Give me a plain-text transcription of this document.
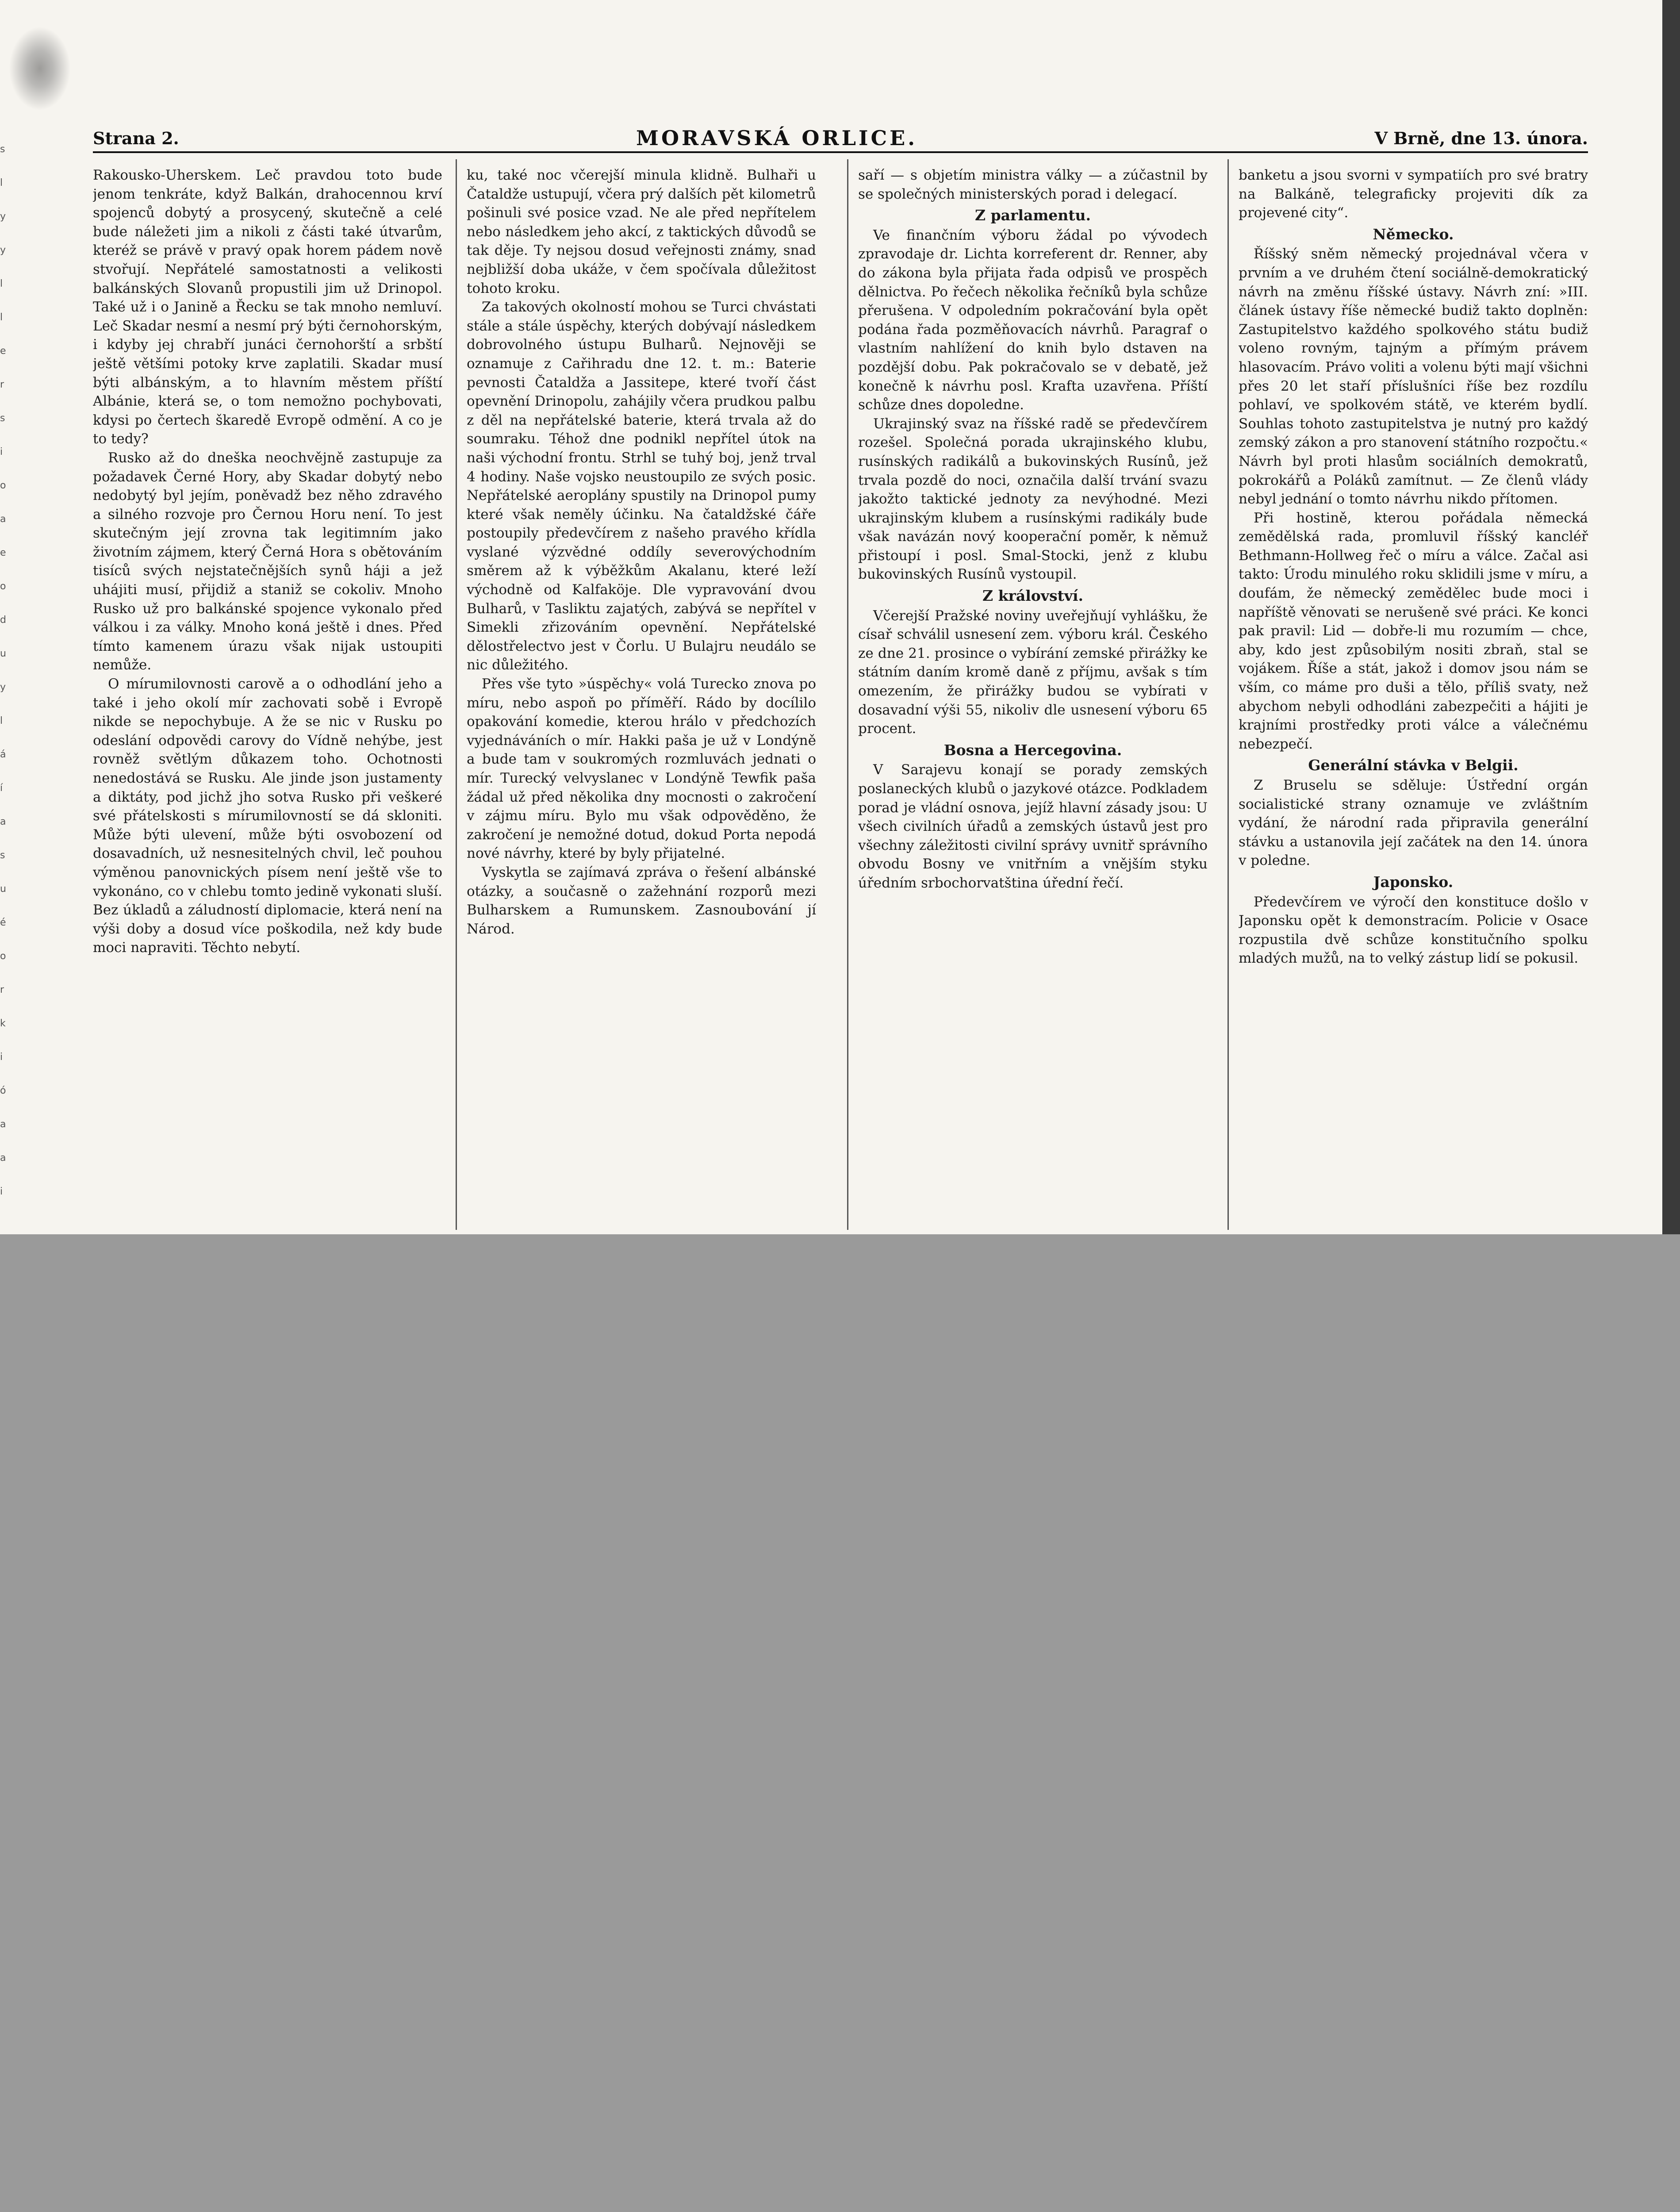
s
l
y
y
l
l
e
r
s
i
o
a
e
o
d
u
y
l
á
í
a
s
u
é
o
r
k
i
ó
a
a
i
Strana 2.	MORAVSKÁ ORLICE.	V Brně, dne 13. února.

Rakousko-Uherskem. Leč pravdou toto bude jenom tenkráte, když Balkán, drahocennou krví spojenců dobytý a prosycený, skutečně a celé bude náležeti jim a nikoli z části také útvarům, kteréž se právě v pravý opak horem pádem nově stvořují. Nepřátelé samostatnosti a velikosti balkánských Slovanů propustili jim už Drinopol. Také už i o Janině a Řecku se tak mnoho nemluví. Leč Skadar nesmí a nesmí prý býti černohorským, i kdyby jej chrabří junáci černohorští a srbští ještě většími potoky krve zaplatili. Skadar musí býti albánským, a to hlavním městem příští Albánie, která se, o tom nemožno pochybovati, kdysi po čertech škaredě Evropě odmění. A co je to tedy?

Rusko až do dneška neochvějně zastupuje za požadavek Černé Hory, aby Skadar dobytý nebo nedobytý byl jejím, poněvadž bez něho zdravého a silného rozvoje pro Černou Horu není. To jest skutečným její zrovna tak legitimním jako životním zájmem, který Černá Hora s obětováním tisíců svých nejstatečnějších synů háji a jež uhájiti musí, přijdiž a staniž se cokoliv. Mnoho Rusko už pro balkánské spojence vykonalo před válkou i za války. Mnoho koná ještě i dnes. Před tímto kamenem úrazu však nijak ustoupiti nemůže.

O mírumilovnosti carově a o odhodlání jeho a také i jeho okolí mír zachovati sobě i Evropě nikde se nepochybuje. A že se nic v Rusku po odeslání odpovědi carovy do Vídně nehýbe, jest rovněž světlým důkazem toho. Ochotnosti nenedostává se Rusku. Ale jinde json justamenty a diktáty, pod jichž jho sotva Rusko při veškeré své přátelskosti s mírumilovností se dá skloniti. Může býti ulevení, může býti osvobození od dosavadních, už nesnesitelných chvil, leč pouhou výměnou panovnických písem není ještě vše to vykonáno, co v chlebu tomto jedině vykonati sluší. Bez úkladů a záludností diplomacie, která není na výši doby a dosud více poškodila, než kdy bude moci napraviti. Těchto nebytí.

ku, také noc včerejší minula klidně. Bulhaři u Čataldže ustupují, včera prý dalších pět kilometrů pošinuli své posice vzad. Ne ale před nepřítelem nebo následkem jeho akcí, z taktických důvodů se tak děje. Ty nejsou dosud veřejnosti známy, snad nejbližší doba ukáže, v čem spočívala důležitost tohoto kroku.

Za takových okolností mohou se Turci chvástati stále a stále úspěchy, kterých dobývají následkem dobrovolného ústupu Bulharů. Nejnověji se oznamuje z Cařihradu dne 12. t. m.: Baterie pevnosti Čataldža a Jassitepe, které tvoří část opevnění Drinopolu, zahájily včera prudkou palbu z děl na nepřátelské baterie, která trvala až do soumraku. Téhož dne podnikl nepřítel útok na naši východní frontu. Strhl se tuhý boj, jenž trval 4 hodiny. Naše vojsko neustoupilo ze svých posic. Nepřátelské aeroplány spustily na Drinopol pumy které však neměly účinku. Na čataldžské čáře postoupily předevčírem z našeho pravého křídla vyslané výzvědné oddíly severovýchodním směrem až k výběžkům Akalanu, které leží východně od Kalfaköje. Dle vypravování dvou Bulharů, v Tasliktu zajatých, zabývá se nepřítel v Simekli zřizováním opevnění. Nepřátelské dělostřelectvo jest v Čorlu. U Bulajru neudálo se nic důležitého.

Přes vše tyto »úspěchy« volá Turecko znova po míru, nebo aspoň po příměří. Rádo by docílilo opakování komedie, kterou hrálo v předchozích vyjednáváních o mír. Hakki paša je už v Londýně a bude tam v soukromých rozmluvách jednati o mír. Turecký velvyslanec v Londýně Tewfik paša žádal už před několika dny mocnosti o zakročení v zájmu míru. Bylo mu však odpověděno, že zakročení je nemožné dotud, dokud Porta nepodá nové návrhy, které by byly přijatelné.

Vyskytla se zajímavá zpráva o řešení albánské otázky, a současně o zažehnání rozporů mezi Bulharskem a Rumunskem. Zasnoubování jí Národ.

saří — s objetím ministra války — a zúčastnil by se společných ministerských porad i delegací.

Z parlamentu.

Ve finančním výboru žádal po vývodech zpravodaje dr. Lichta korreferent dr. Renner, aby do zákona byla přijata řada odpisů ve prospěch dělnictva. Po řečech několika řečníků byla schůze přerušena. V odpoledním pokračování byla opět podána řada pozměňovacích návrhů. Paragraf o vlastním nahlížení do knih bylo dstaven na pozdější dobu. Pak pokračovalo se v debatě, jež konečně k návrhu posl. Krafta uzavřena. Příští schůze dnes dopoledne.

Ukrajinský svaz na říšské radě se předevčírem rozešel. Společná porada ukrajinského klubu, rusínských radikálů a bukovinských Rusínů, jež trvala pozdě do noci, označila další trvání svazu jakožto taktické jednoty za nevýhodné. Mezi ukrajinským klubem a rusínskými radikály bude však navázán nový kooperační poměr, k němuž přistoupí i posl. Smal-Stocki, jenž z klubu bukovinských Rusínů vystoupil.

Z království.

Včerejší Pražské noviny uveřejňují vyhlášku, že císař schválil usnesení zem. výboru král. Českého ze dne 21. prosince o vybírání zemské přirážky ke státním daním kromě daně z příjmu, avšak s tím omezením, že přirážky budou se vybírati v dosavadní výši 55, nikoliv dle usnesení výboru 65 procent.

Bosna a Hercegovina.

V Sarajevu konají se porady zemských poslaneckých klubů o jazykové otázce. Podkladem porad je vládní osnova, jejíž hlavní zásady jsou: U všech civilních úřadů a zemských ústavů jest pro všechny záležitosti civilní správy uvnitř správního obvodu Bosny ve vnitřním a vnějším styku úředním srbochorvatština úřední řečí.

banketu a jsou svorni v sympatiích pro své bratry na Balkáně, telegraficky projeviti dík za projevené city“.

Německo.

Říšský sněm německý projednával včera v prvním a ve druhém čtení sociálně-demokratický návrh na změnu říšské ústavy. Návrh zní: »III. článek ústavy říše německé budiž takto doplněn: Zastupitelstvo každého spolkového státu budiž voleno rovným, tajným a přímým právem hlasovacím. Právo voliti a volenu býti mají všichni přes 20 let staří příslušníci říše bez rozdílu pohlaví, ve spolkovém státě, ve kterém bydlí. Souhlas tohoto zastupitelstva je nutný pro každý zemský zákon a pro stanovení státního rozpočtu.« Návrh byl proti hlasům sociálních demokratů, pokrokářů a Poláků zamítnut. — Ze členů vlády nebyl jednání o tomto návrhu nikdo přítomen.

Při hostině, kterou pořádala německá zemědělská rada, promluvil říšský kancléř Bethmann-Hollweg řeč o míru a válce. Začal asi takto: Úrodu minulého roku sklidili jsme v míru, a doufám, že německý zemědělec bude moci i napříště věnovati se nerušeně své práci. Ke konci pak pravil: Lid — dobře-li mu rozumím — chce, aby, kdo jest způsobilým nositi zbraň, stal se vojákem. Říše a stát, jakož i domov jsou nám se vším, co máme pro duši a tělo, příliš svaty, než abychom nebyli odhodláni zabezpečiti a hájiti je krajními prostředky proti válce a válečnému nebezpečí.

Generální stávka v Belgii.

Z Bruselu se sděluje: Ústřední orgán socialistické strany oznamuje ve zvláštním vydání, že národní rada připravila generální stávku a ustanovila její začátek na den 14. února v poledne.

Japonsko.

Předevčírem ve výročí den konstituce došlo v Japonsku opět k demonstracím. Policie v Osace rozpustila dvě schůze konstitučního spolku mladých mužů, na to velký zástup lidí se pokusil.
